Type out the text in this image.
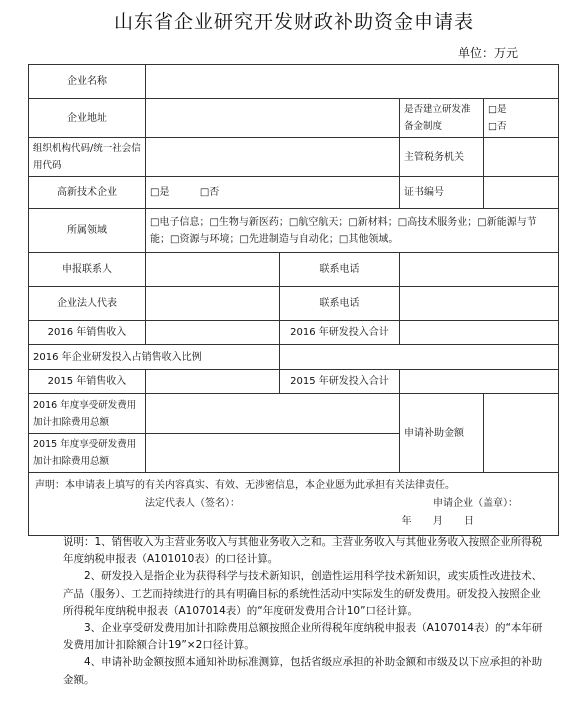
山东省企业研究开发财政补助资金申请表
单位：万元
企业名称				
企业地址			是否建立研发准备金制度	□是
□否

组织机构代码/统一社会信用代码			主管税务机关	
高新技术企业	□是 □否		证书编号	
所属领域	□电子信息；□生物与新医药；□航空航天；□新材料；□高技术服务业；□新能源与节能；□资源与环境；□先进制造与自动化；□其他领域。			
申报联系人		联系电话		
企业法人代表		联系电话		
2016 年销售收入		2016 年研发投入合计		
2016 年企业研发投入占销售收入比例				
2015 年销售收入		2015 年研发投入合计		
2016 年度享受研发费用加计扣除费用总额			申请补助金额	
2015 年度享受研发费用加计扣除费用总额				

声明：本申请表上填写的有关内容真实、有效、无涉密信息，本企业愿为此承担有关法律责任。
法定代表人（签名）： 申请企业（盖章）：
年 月 日				

说明：1、销售收入为主营业务收入与其他业务收入之和。主营业务收入与其他业务收入按照企业所得税年度纳税申报表（A101010表）的口径计算。

2、研发投入是指企业为获得科学与技术新知识，创造性运用科学技术新知识，或实质性改进技术、产品（服务）、工艺而持续进行的具有明确目标的系统性活动中实际发生的研发费用。研发投入按照企业所得税年度纳税申报表（A107014表）的“年度研发费用合计10”口径计算。

3、企业享受研发费用加计扣除费用总额按照企业所得税年度纳税申报表（A107014表）的“本年研发费用加计扣除额合计19”×2口径计算。

4、申请补助金额按照本通知补助标准测算，包括省级应承担的补助金额和市级及以下应承担的补助金额。
